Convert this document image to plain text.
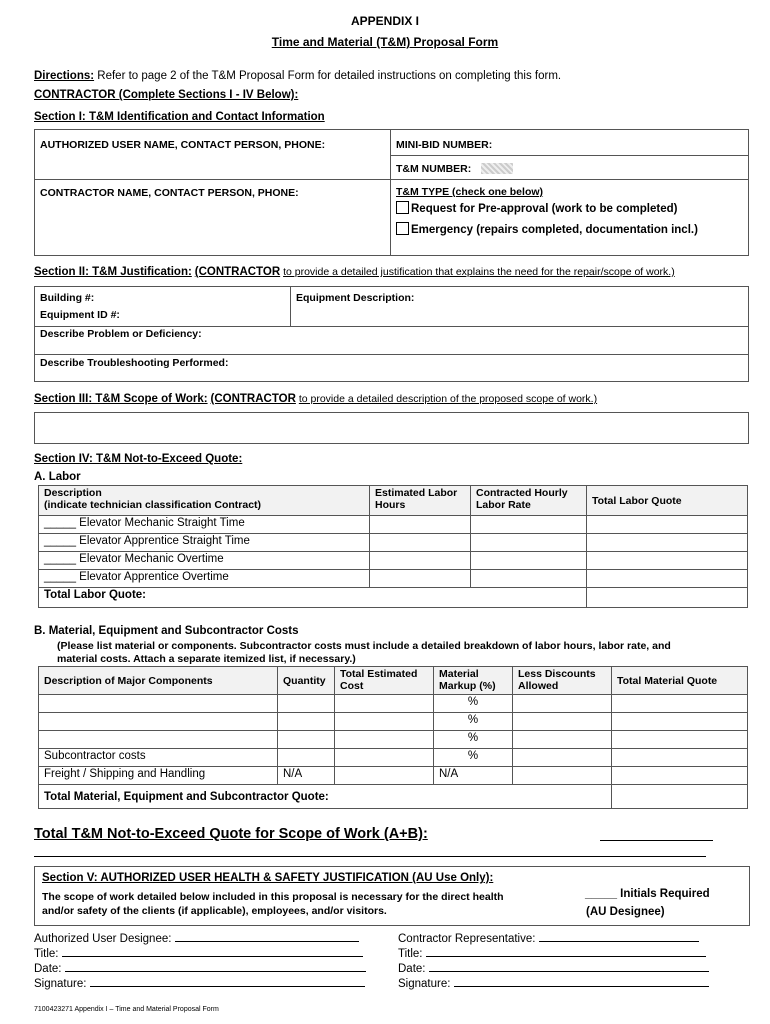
APPENDIX I
Time and Material (T&M) Proposal Form
Directions: Refer to page 2 of the T&M Proposal Form for detailed instructions on completing this form.
CONTRACTOR (Complete Sections I - IV Below):
Section I: T&M Identification and Contact Information
AUTHORIZED USER NAME, CONTACT PERSON, PHONE:	MINI-BID NUMBER:

	T&M NUMBER:

CONTRACTOR NAME, CONTACT PERSON, PHONE:	T&M TYPE (check one below)
Request for Pre-approval (work to be completed)
Emergency (repairs completed, documentation incl.)
Section II: T&M Justification: (CONTRACTOR to provide a detailed justification that explains the need for the repair/scope of work.)
Building #:
Equipment ID #:

Equipment Description:

Describe Problem or Deficiency:

Describe Troubleshooting Performed:
Section III: T&M Scope of Work: (CONTRACTOR to provide a detailed description of the proposed scope of work.)
Section IV: T&M Not-to-Exceed Quote:
A. Labor
Description
(indicate technician classification Contract)	Estimated Labor Hours	Contracted Hourly Labor Rate	Total Labor Quote
_____ Elevator Mechanic Straight Time			
_____ Elevator Apprentice Straight Time			
_____ Elevator Mechanic Overtime			
_____ Elevator Apprentice Overtime			
Total Labor Quote:			
B. Material, Equipment and Subcontractor Costs
(Please list material or components. Subcontractor costs must include a detailed breakdown of labor hours, labor rate, and
material costs. Attach a separate itemized list, if necessary.)
Description of Major Components	Quantity	Total Estimated Cost	Material Markup (%)	Less Discounts Allowed	Total Material Quote
			%		
			%		
			%		
Subcontractor costs			%		
Freight / Shipping and Handling	N/A		N/A		
Total Material, Equipment and Subcontractor Quote:					
Total T&M Not-to-Exceed Quote for Scope of Work (A+B):
Section V: AUTHORIZED USER HEALTH & SAFETY JUSTIFICATION (AU Use Only):
The scope of work detailed below included in this proposal is necessary for the direct health
and/or safety of the clients (if applicable), employees, and/or visitors.
_____ Initials Required
(AU Designee)
Authorized User Designee:
Title:
Date:
Signature:
Contractor Representative:
Title:
Date:
Signature:
7100423271 Appendix I – Time and Material Proposal Form
